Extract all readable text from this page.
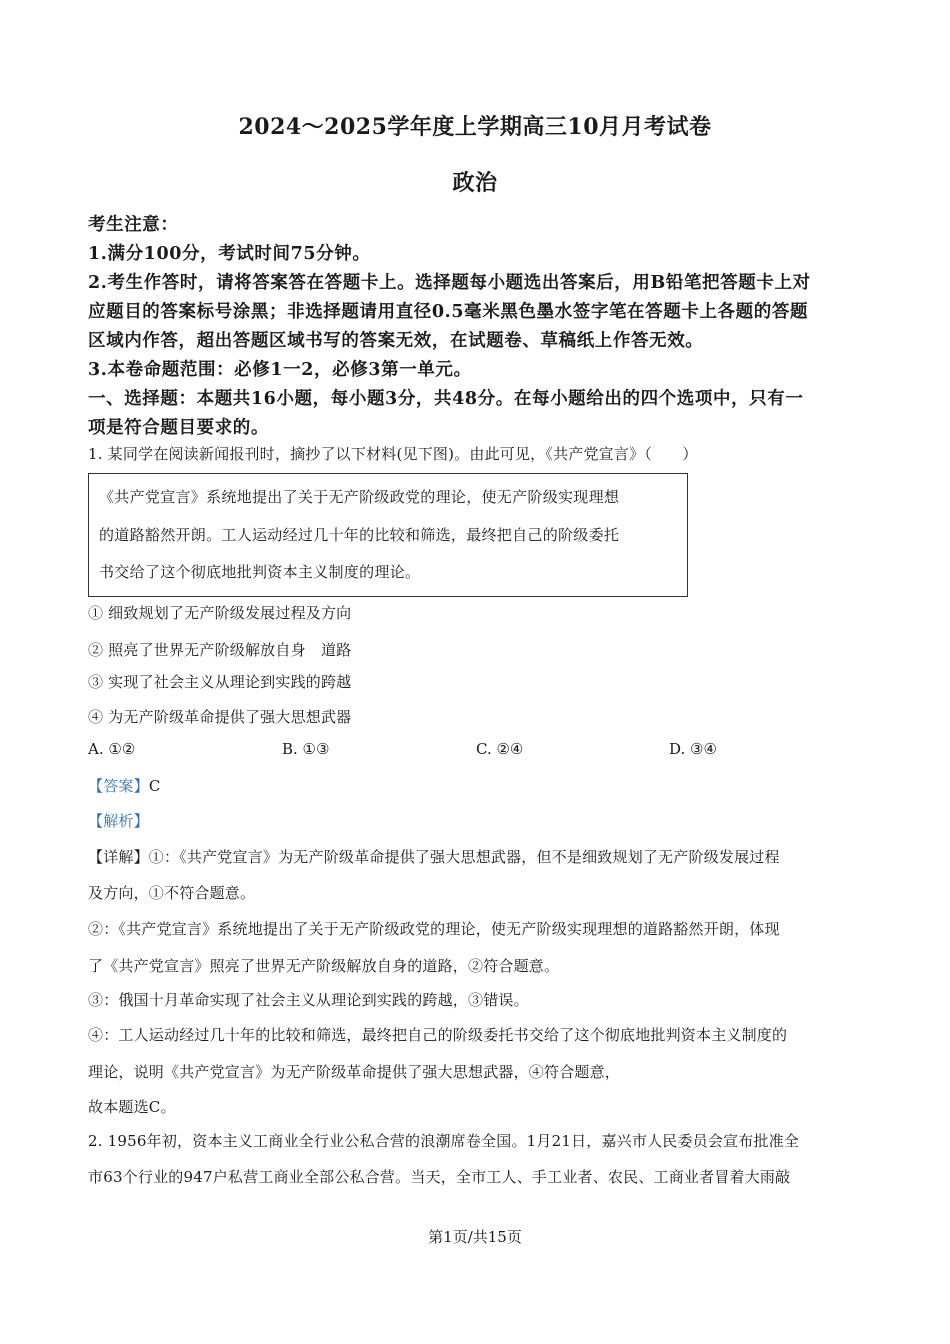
2024～2025学年度上学期高三10月月考试卷
政治
考生注意：
1.满分100分，考试时间75分钟。
2.考生作答时，请将答案答在答题卡上。选择题每小题选出答案后，用B铅笔把答题卡上对
应题目的答案标号涂黑；非选择题请用直径0.5毫米黑色墨水签字笔在答题卡上各题的答题
区域内作答，超出答题区域书写的答案无效，在试题卷、草稿纸上作答无效。
3.本卷命题范围：必修1一2，必修3第一单元。
一、选择题：本题共16小题，每小题3分，共48分。在每小题给出的四个选项中，只有一
项是符合题目要求的。
1. 某同学在阅读新闻报刊时，摘抄了以下材料(见下图)。由此可见，《共产党宣言》（　　）
《共产党宣言》系统地提出了关于无产阶级政党的理论，使无产阶级实现理想
的道路豁然开朗。工人运动经过几十年的比较和筛选，最终把自己的阶级委托
书交给了这个彻底地批判资本主义制度的理论。
① 细致规划了无产阶级发展过程及方向
② 照亮了世界无产阶级解放自身　道路
③ 实现了社会主义从理论到实践的跨越
④ 为无产阶级革命提供了强大思想武器
A. ①②	B. ①③	C. ②④	D. ③④
【答案】C
【解析】
【详解】①：《共产党宣言》为无产阶级革命提供了强大思想武器，但不是细致规划了无产阶级发展过程
及方向，①不符合题意。
②：《共产党宣言》系统地提出了关于无产阶级政党的理论，使无产阶级实现理想的道路豁然开朗，体现
了《共产党宣言》照亮了世界无产阶级解放自身的道路，②符合题意。
③：俄国十月革命实现了社会主义从理论到实践的跨越，③错误。
④：工人运动经过几十年的比较和筛选，最终把自己的阶级委托书交给了这个彻底地批判资本主义制度的
理论，说明《共产党宣言》为无产阶级革命提供了强大思想武器，④符合题意，
故本题选C。
2. 1956年初，资本主义工商业全行业公私合营的浪潮席卷全国。1月21日，嘉兴市人民委员会宣布批准全
市63个行业的947户私营工商业全部公私合营。当天，全市工人、手工业者、农民、工商业者冒着大雨敲
第1页/共15页
